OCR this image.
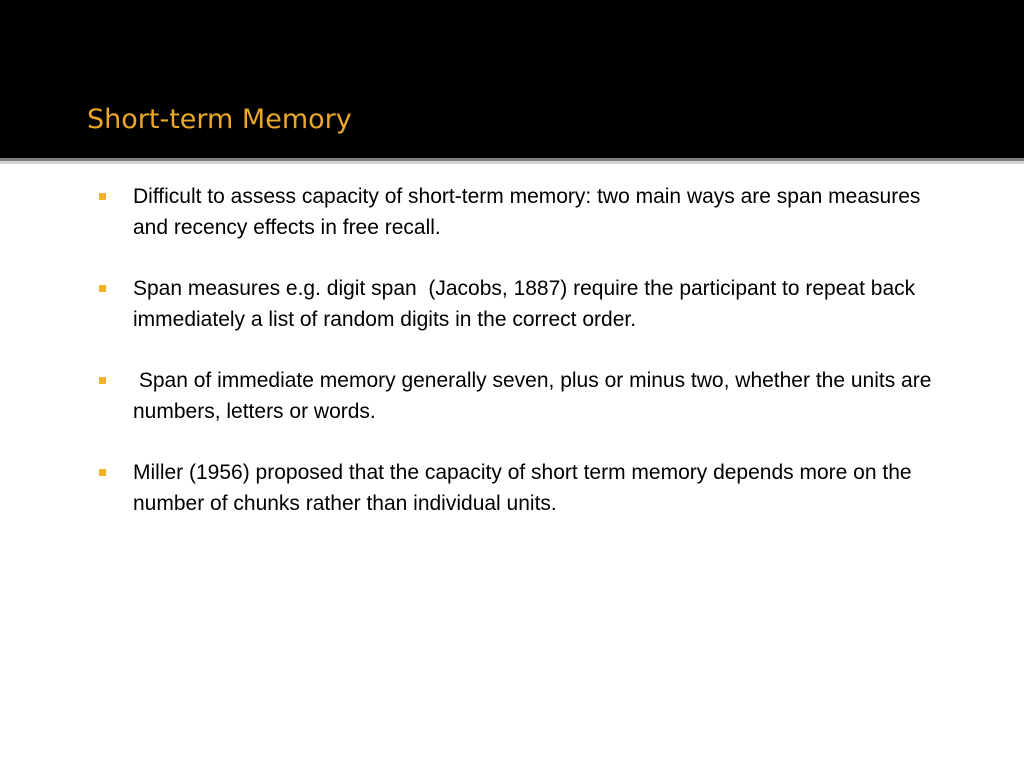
Short-term Memory
Difficult to assess capacity of short-term memory: two main ways are span measures and recency effects in free recall.
Span measures e.g. digit span  (Jacobs, 1887) require the participant to repeat back immediately a list of random digits in the correct order.
Span of immediate memory generally seven, plus or minus two, whether the units are numbers, letters or words.
Miller (1956) proposed that the capacity of short term memory depends more on the number of chunks rather than individual units.
